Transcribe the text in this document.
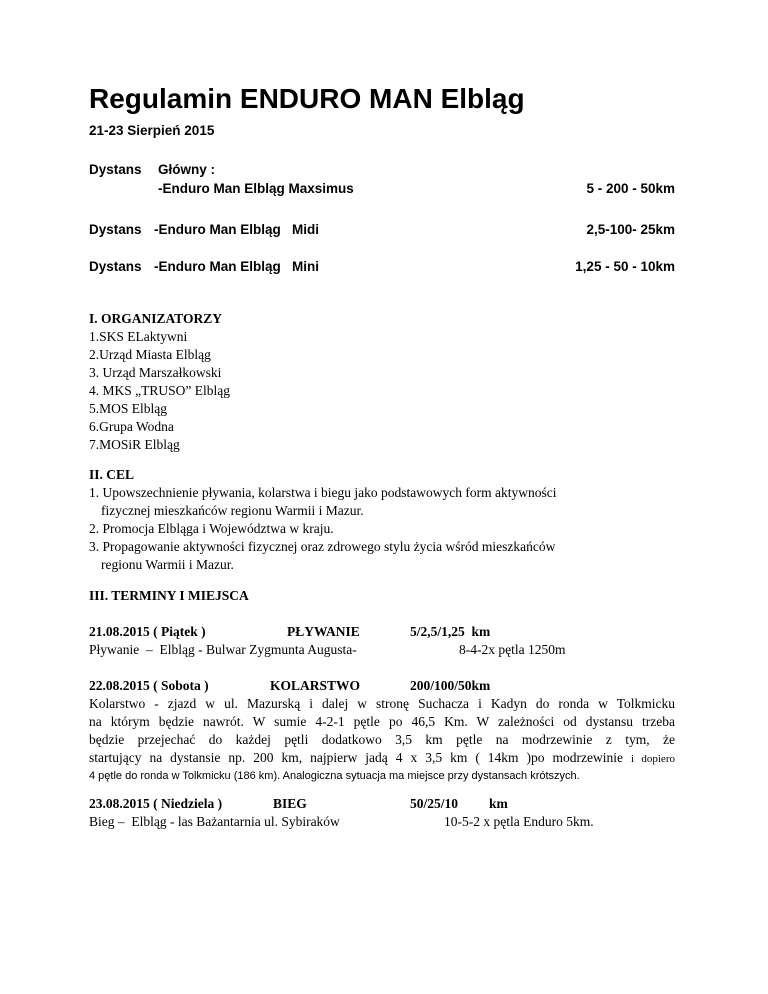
Regulamin ENDURO MAN Elbląg
21-23 Sierpień 2015
Dystans Główny :
-Enduro Man Elbląg Maxsimus	5 - 200 - 50km
Dystans -Enduro Man Elbląg   Midi	2,5-100- 25km
Dystans -Enduro Man Elbląg   Mini	1,25 - 50 - 10km
I. ORGANIZATORZY
1.SKS ELaktywni
2.Urząd Miasta Elbląg
3. Urząd Marszałkowski
4. MKS „TRUSO” Elbląg
5.MOS Elbląg
6.Grupa Wodna
7.MOSiR Elbląg
II. CEL
1. Upowszechnienie pływania, kolarstwa i biegu jako podstawowych form aktywności
fizycznej mieszkańców regionu Warmii i Mazur.
2. Promocja Elbląga i Województwa w kraju.
3. Propagowanie aktywności fizycznej oraz zdrowego stylu życia wśród mieszkańców
regionu Warmii i Mazur.
III. TERMINY I MIEJSCA
21.08.2015 ( Piątek )	PŁYWANIE	5/2,5/1,25  km
Pływanie  –  Elbląg - Bulwar Zygmunta Augusta-	8-4-2x pętla 1250m
22.08.2015 ( Sobota )	KOLARSTWO	200/100/50km
Kolarstwo - zjazd w ul. Mazurską i dalej w stronę Suchacza i Kadyn do ronda w Tolkmicku
na którym będzie nawrót. W sumie 4-2-1 pętle po 46,5 Km. W zależności od dystansu trzeba
będzie przejechać do każdej pętli dodatkowo 3,5 km pętle na modrzewinie z tym, że
startujący na dystansie np. 200 km, najpierw jadą 4 x 3,5 km ( 14km )po modrzewinie i dopiero
4 pętle do ronda w Tolkmicku (186 km). Analogiczna sytuacja ma miejsce przy dystansach krótszych.
23.08.2015 ( Niedziela )	BIEG	50/25/10 km
Bieg –  Elbląg - las Bażantarnia ul. Sybiraków	10-5-2 x pętla Enduro 5km.
